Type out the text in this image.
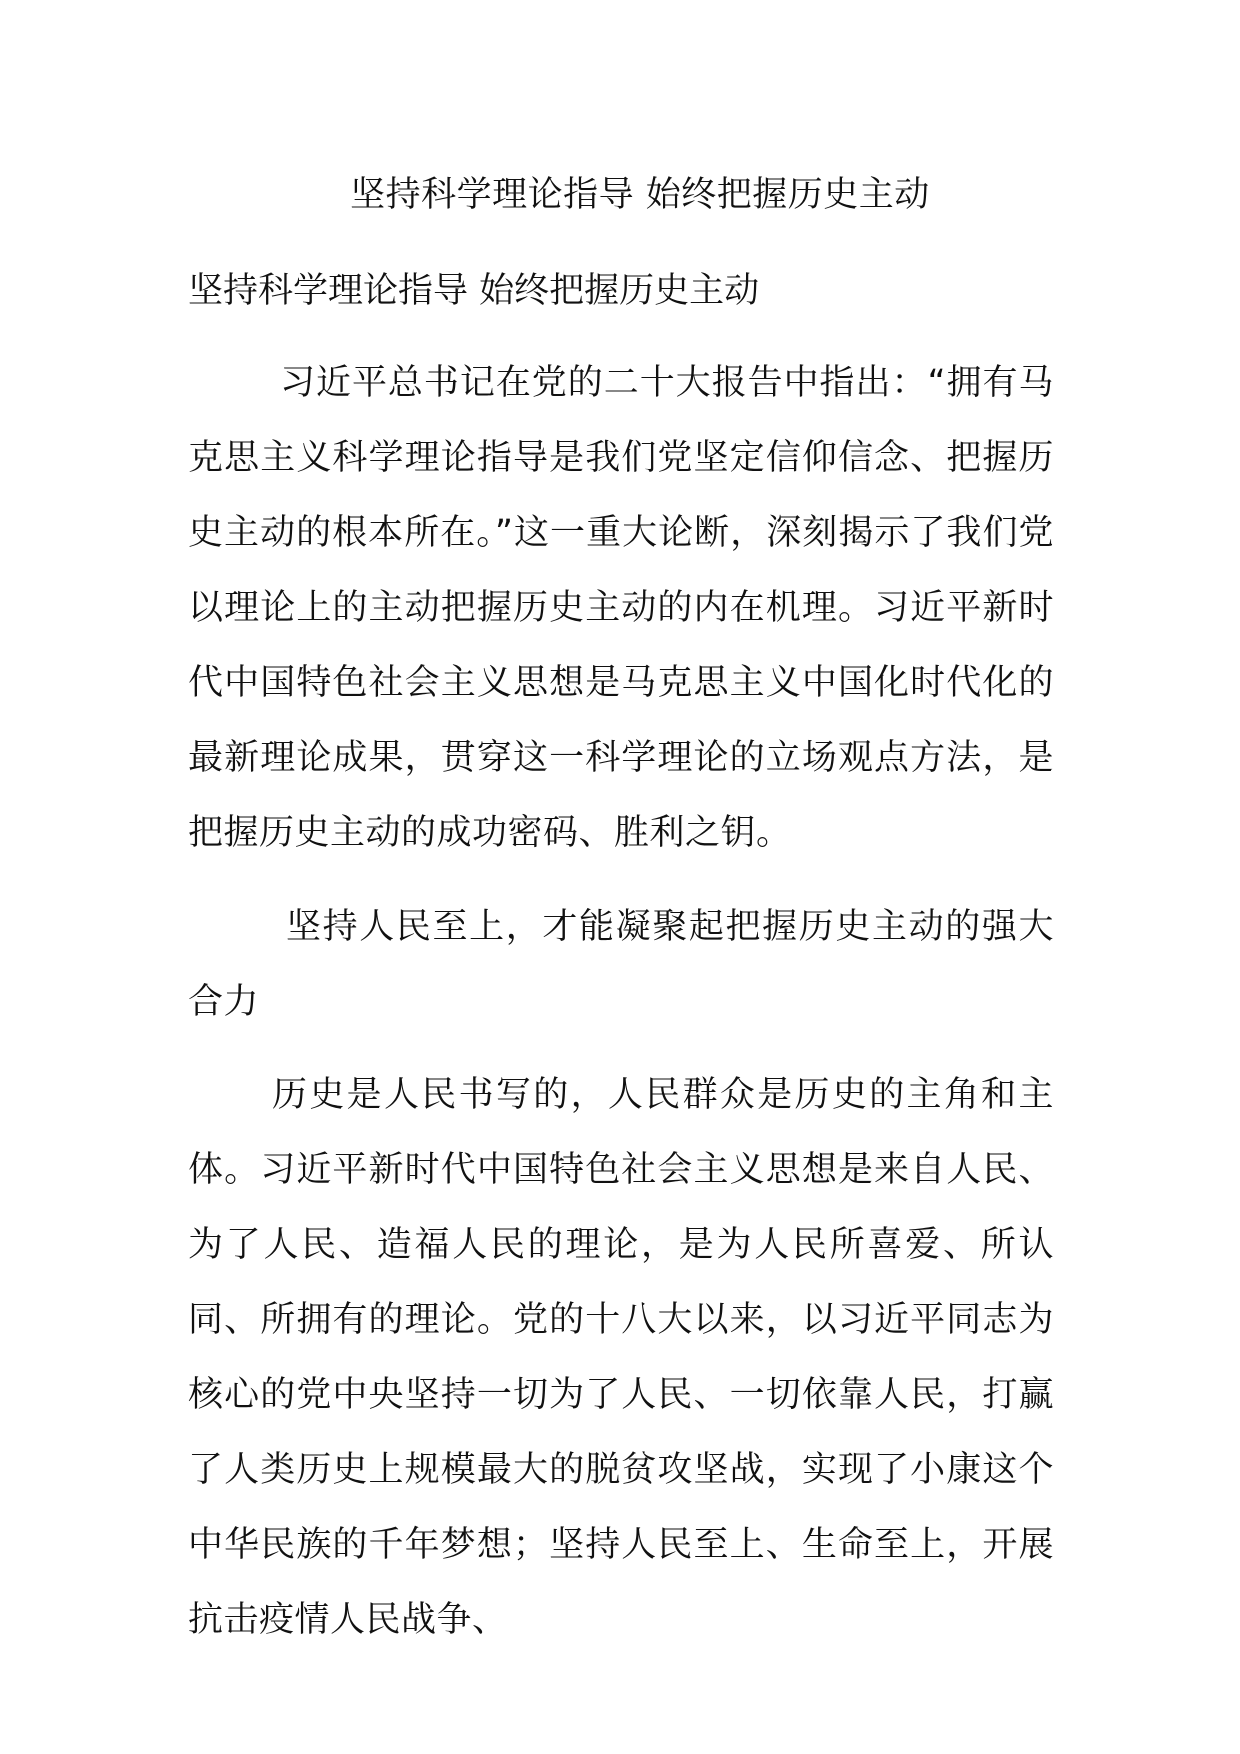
坚持科学理论指导 始终把握历史主动
坚持科学理论指导 始终把握历史主动

习近平总书记在党的二十大报告中指出：“拥有马克思主义科学理论指导是我们党坚定信仰信念、把握历史主动的根本所在。”这一重大论断，深刻揭示了我们党以理论上的主动把握历史主动的内在机理。习近平新时代中国特色社会主义思想是马克思主义中国化时代化的最新理论成果，贯穿这一科学理论的立场观点方法，是把握历史主动的成功密码、胜利之钥。

坚持人民至上，才能凝聚起把握历史主动的强大合力

历史是人民书写的，人民群众是历史的主角和主体。习近平新时代中国特色社会主义思想是来自人民、为了人民、造福人民的理论，是为人民所喜爱、所认同、所拥有的理论。党的十八大以来，以习近平同志为核心的党中央坚持一切为了人民、一切依靠人民，打赢了人类历史上规模最大的脱贫攻坚战，实现了小康这个中华民族的千年梦想；坚持人民至上、生命至上，开展抗击疫情人民战争、
